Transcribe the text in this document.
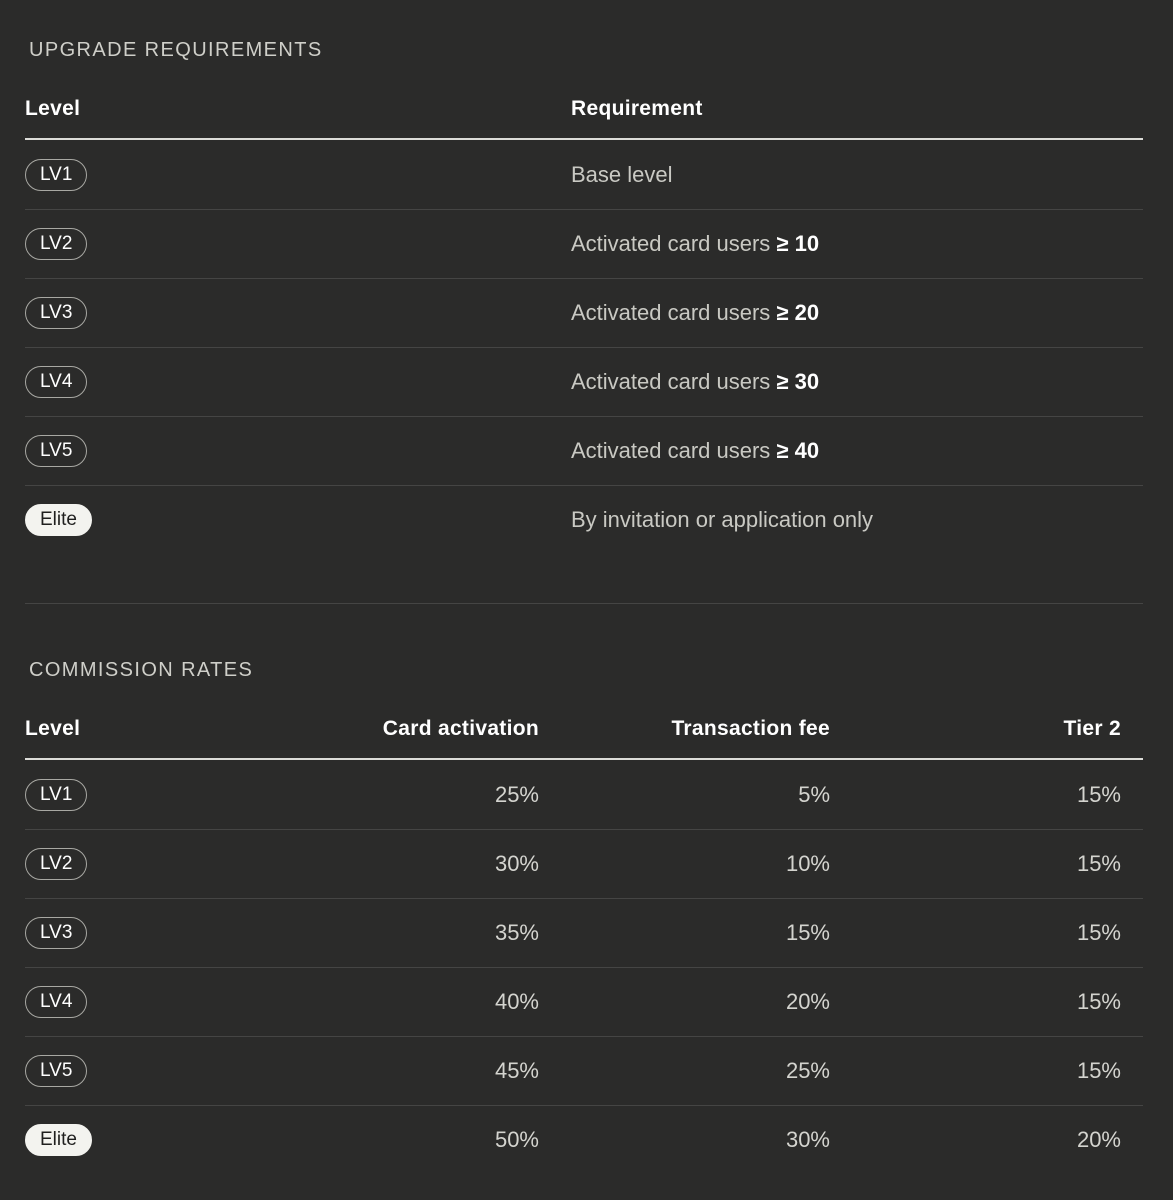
UPGRADE REQUIREMENTS
Level	Requirement
LV1	Base level
LV2	Activated card users ≥ 10
LV3	Activated card users ≥ 20
LV4	Activated card users ≥ 30
LV5	Activated card users ≥ 40
Elite	By invitation or application only
COMMISSION RATES
Level	Card activation	Transaction fee	Tier 2
LV1	25%	5%	15%
LV2	30%	10%	15%
LV3	35%	15%	15%
LV4	40%	20%	15%
LV5	45%	25%	15%
Elite	50%	30%	20%
